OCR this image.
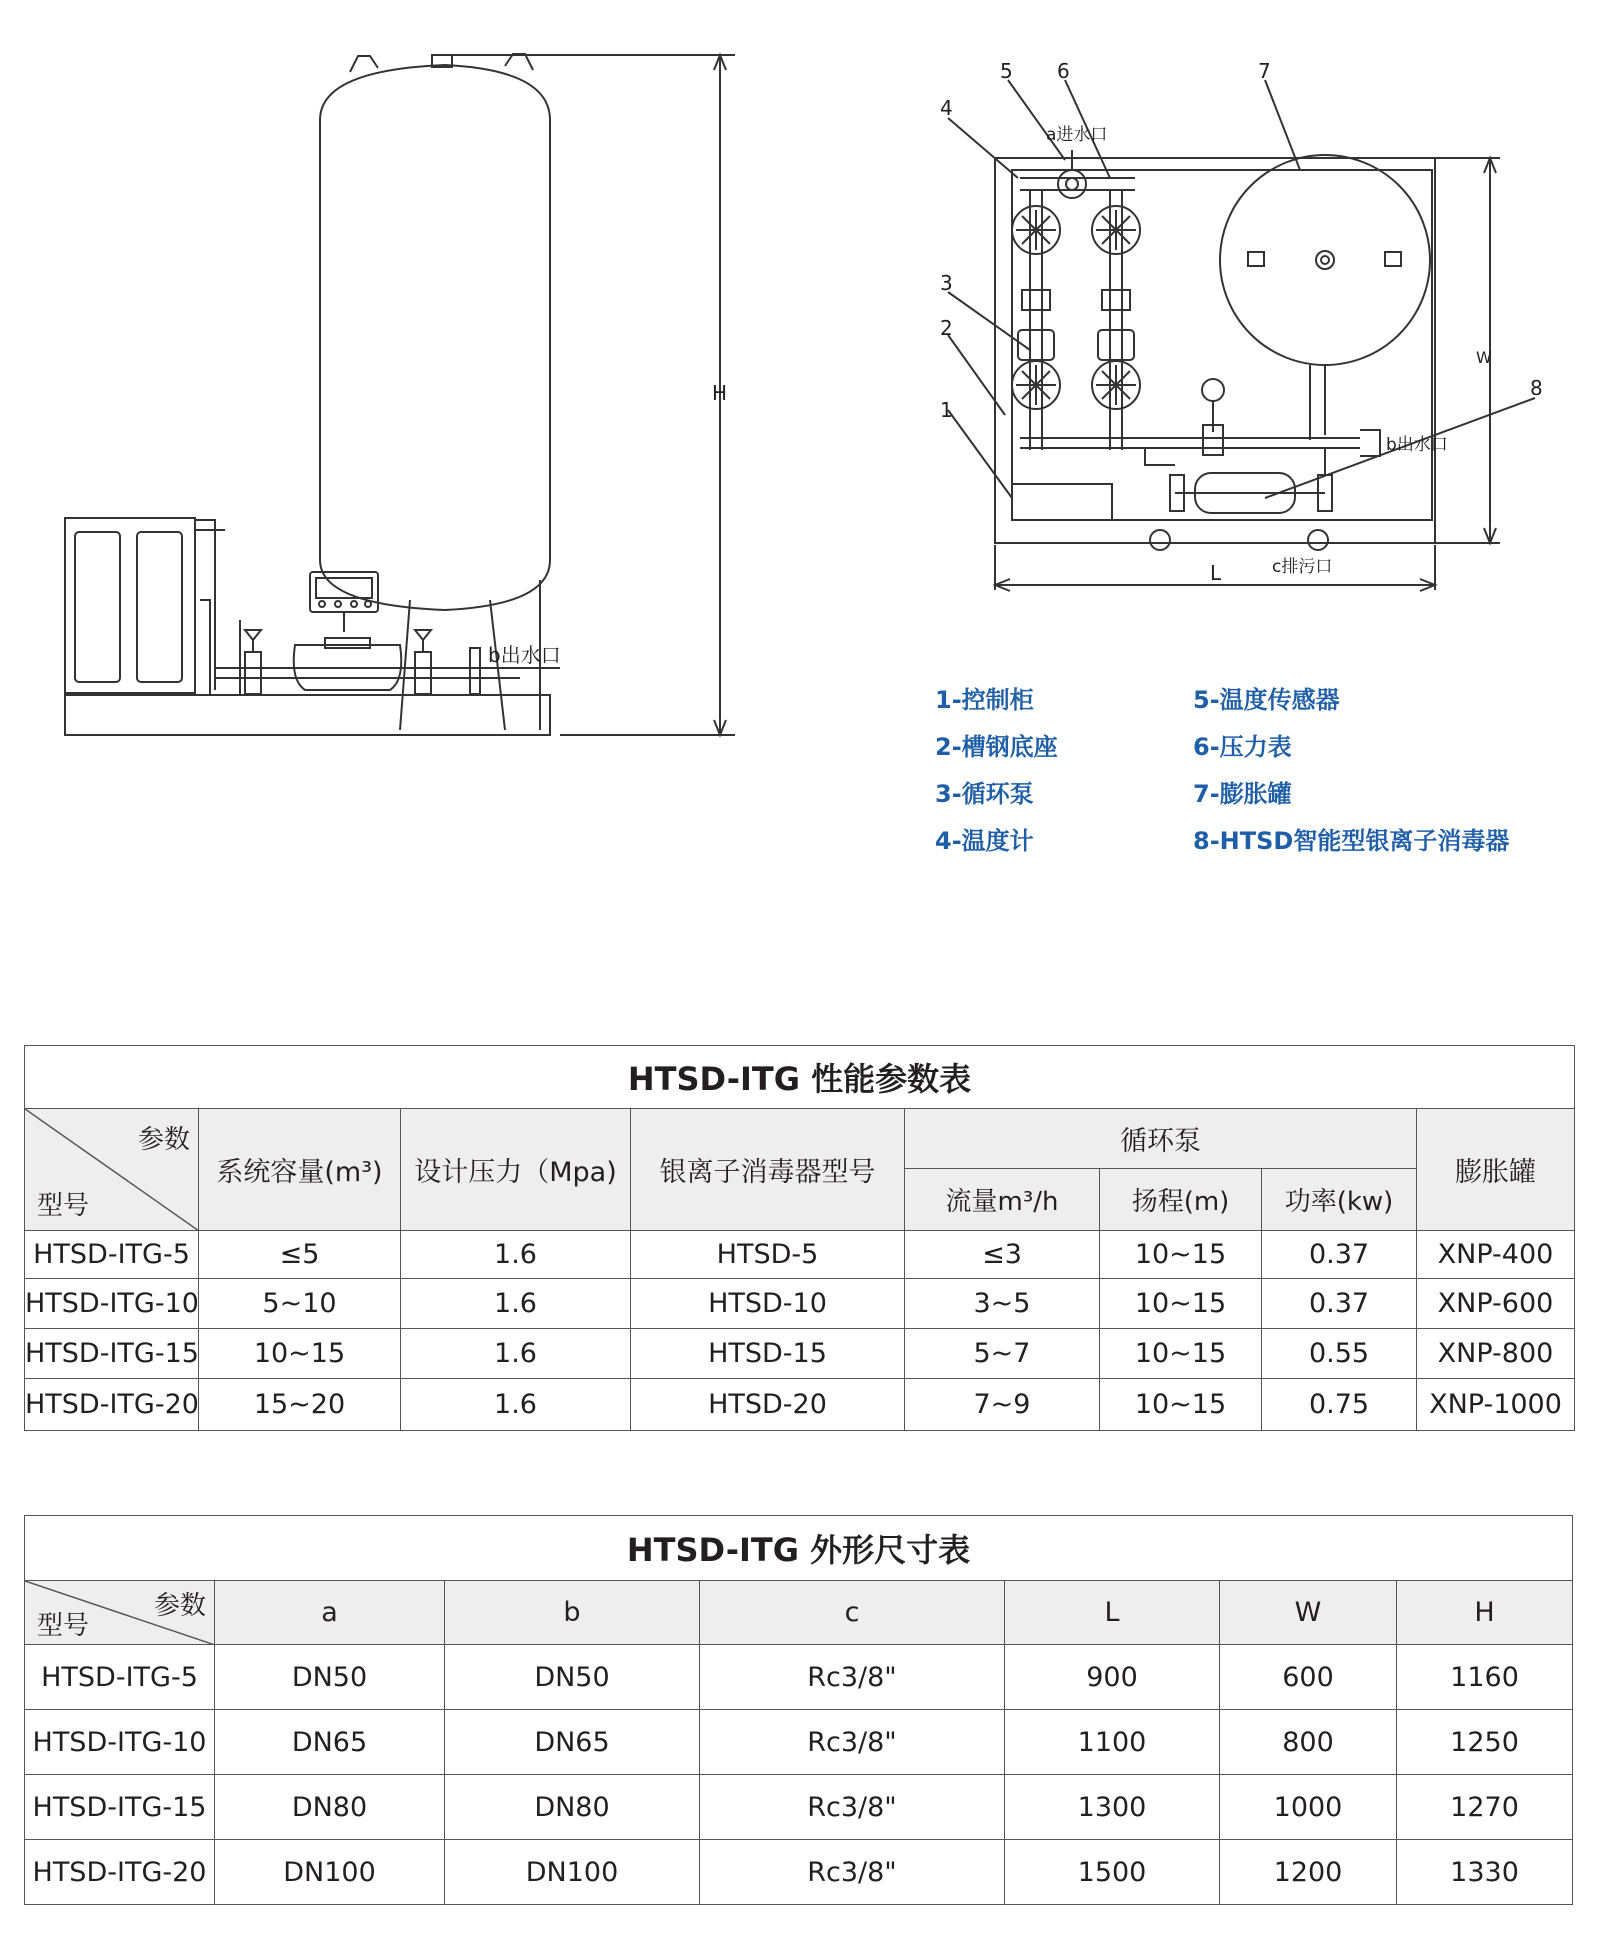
H
b出水口
1
2
3
4
5 6	7
8
a进水口
b出水口
c排污口
L
W
1-控制柜
2-槽钢底座
3-循环泵
4-温度计
5-温度传感器
6-压力表
7-膨胀罐
8-HTSD智能型银离子消毒器
HTSD-ITG 性能参数表							

参数
型号	系统容量(m³)	设计压力（Mpa)	银离子消毒器型号	循环泵			膨胀罐
				流量m³/h	扬程(m)	功率(kw)	
HTSD-ITG-5	≤5	1.6	HTSD-5	≤3	10~15	0.37	XNP-400
HTSD-ITG-10	5~10	1.6	HTSD-10	3~5	10~15	0.37	XNP-600
HTSD-ITG-15	10~15	1.6	HTSD-15	5~7	10~15	0.55	XNP-800
HTSD-ITG-20	15~20	1.6	HTSD-20	7~9	10~15	0.75	XNP-1000
HTSD-ITG 外形尺寸表						

参数
型号	a	b	c	L	W	H
HTSD-ITG-5	DN50	DN50	Rc3/8"	900	600	1160
HTSD-ITG-10	DN65	DN65	Rc3/8"	1100	800	1250
HTSD-ITG-15	DN80	DN80	Rc3/8"	1300	1000	1270
HTSD-ITG-20	DN100	DN100	Rc3/8"	1500	1200	1330
